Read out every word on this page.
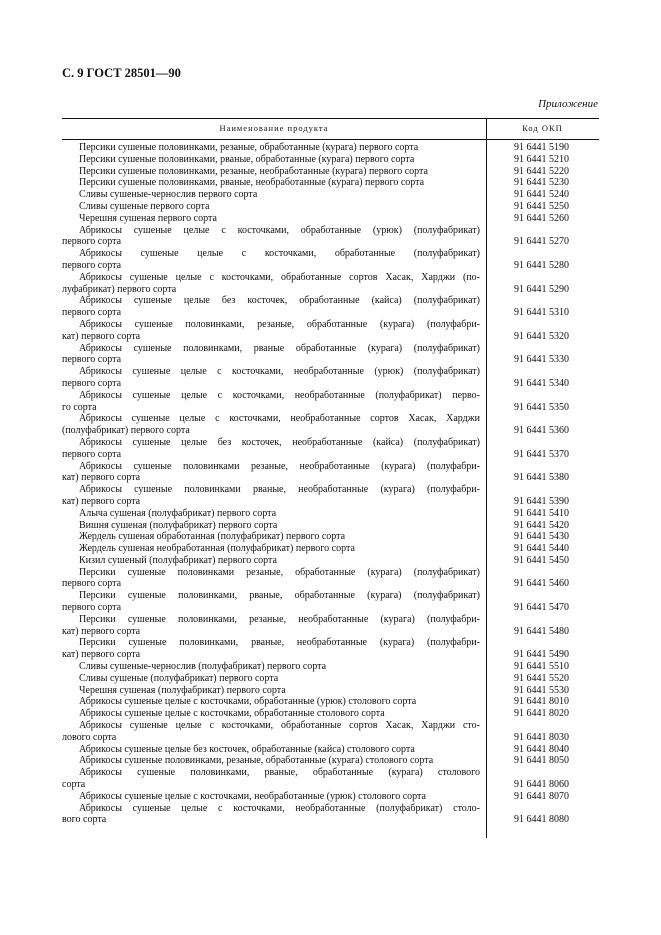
С. 9 ГОСТ 28501—90
Приложение
Наименование продукта	Код ОКП
Персики сушеные половинками, резаные, обработанные (курага) первого сорта	91 6441 5190
Персики сушеные половинками, рваные, обработанные (курага) первого сорта	91 6441 5210
Персики сушеные половинками, резаные, необработанные (курага) первого сорта	91 6441 5220
Персики сушеные половинками, рваные, необработанные (курага) первого сорта	91 6441 5230
Сливы сушеные-чернослив первого сорта	91 6441 5240
Сливы сушеные первого сорта	91 6441 5250
Черешня сушеная первого сорта	91 6441 5260
Абрикосы сушеные целые с косточками, обработанные (урюк) (полуфабрикат)
первого сорта	91 6441 5270
Абрикосы сушеные целые с косточками, обработанные (полуфабрикат)
первого сорта	91 6441 5280
Абрикосы сушеные целые с косточками, обработанные сортов Хасак, Харджи (по-
луфабрикат) первого сорта	91 6441 5290
Абрикосы сушеные целые без косточек, обработанные (кайса) (полуфабрикат)
первого сорта	91 6441 5310
Абрикосы сушеные половинками, резаные, обработанные (курага) (полуфабри-
кат) первого сорта	91 6441 5320
Абрикосы сушеные половинками, рваные обработанные (курага) (полуфабрикат)
первого сорта	91 6441 5330
Абрикосы сушеные целые с косточками, необработанные (урюк) (полуфабрикат)
первого сорта	91 6441 5340
Абрикосы сушеные целые с косточками, необработанные (полуфабрикат) перво-
го сорта	91 6441 5350
Абрикосы сушеные целые с косточками, необработанные сортов Хасак, Харджи
(полуфабрикат) первого сорта	91 6441 5360
Абрикосы сушеные целые без косточек, необработанные (кайса) (полуфабрикат)
первого сорта	91 6441 5370
Абрикосы сушеные половинками резаные, необработанные (курага) (полуфабри-
кат) первого сорта	91 6441 5380
Абрикосы сушеные половинками рваные, необработанные (курага) (полуфабри-
кат) первого сорта	91 6441 5390
Алыча сушеная (полуфабрикат) первого сорта	91 6441 5410
Вишня сушеная (полуфабрикат) первого сорта	91 6441 5420
Жердель сушеная обработанная (полуфабрикат) первого сорта	91 6441 5430
Жердель сушеная необработанная (полуфабрикат) первого сорта	91 6441 5440
Кизил сушеный (полуфабрикат) первого сорта	91 6441 5450
Персики сушеные половинками резаные, обработанные (курага) (полуфабрикат)
первого сорта	91 6441 5460
Персики сушеные половинками, рваные, обработанные (курага) (полуфабрикат)
первого сорта	91 6441 5470
Персики сушеные половинками, резаные, необработанные (курага) (полуфабри-
кат) первого сорта	91 6441 5480
Персики сушеные половинками, рваные, необработанные (курага) (полуфабри-
кат) первого сорта	91 6441 5490
Сливы сушеные-чернослив (полуфабрикат) первого сорта	91 6441 5510
Сливы сушеные (полуфабрикат) первого сорта	91 6441 5520
Черешня сушеная (полуфабрикат) первого сорта	91 6441 5530
Абрикосы сушеные целые с косточками, обработанные (урюк) столового сорта	91 6441 8010
Абрикосы сушеные целые с косточками, обработанные столового сорта	91 6441 8020
Абрикосы сушеные целые с косточками, обработанные сортов Хасак, Харджи сто-
лового сорта	91 6441 8030
Абрикосы сушеные целые без косточек, обработанные (кайса) столового сорта	91 6441 8040
Абрикосы сушеные половинками, резаные, обработанные (курага) столового сорта	91 6441 8050
Абрикосы сушеные половинками, рваные, обработанные (курага) столового
сорта	91 6441 8060
Абрикосы сушеные целые с косточками, необработанные (урюк) столового сорта	91 6441 8070
Абрикосы сушеные целые с косточками, необработанные (полуфабрикат) столо-
вого сорта	91 6441 8080
